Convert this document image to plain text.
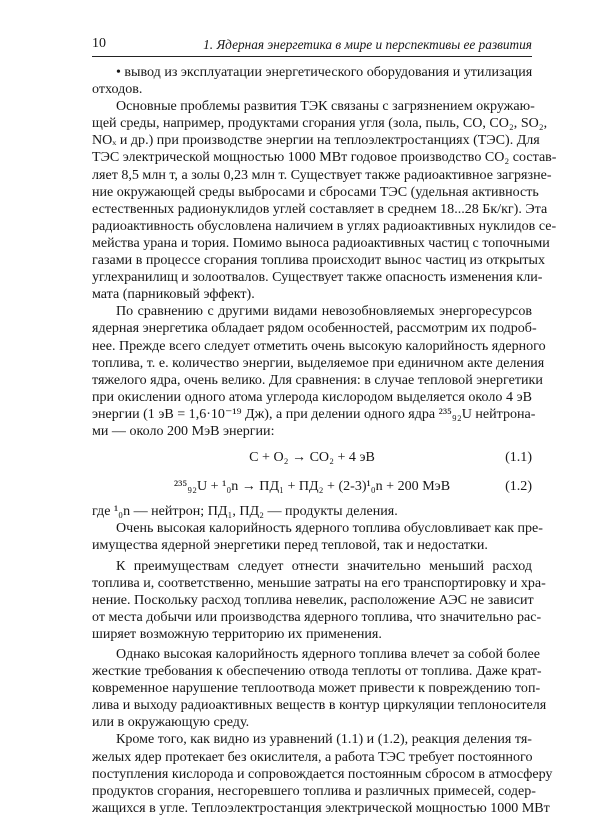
10	1. Ядерная энергетика в мире и перспективы ее развития
• вывод из эксплуатации энергетического оборудования и утилизация
отходов.
Основные проблемы развития ТЭК связаны с загрязнением окружаю-
щей среды, например, продуктами сгорания угля (зола, пыль, CO, CO₂, SO₂,
NOₓ и др.) при производстве энергии на теплоэлектростанциях (ТЭС). Для
ТЭС электрической мощностью 1000 МВт годовое производство CO₂ состав-
ляет 8,5 млн т, а золы 0,23 млн т. Существует также радиоактивное загрязне-
ние окружающей среды выбросами и сбросами ТЭС (удельная активность
естественных радионуклидов углей составляет в среднем 18...28 Бк/кг). Эта
радиоактивность обусловлена наличием в углях радиоактивных нуклидов се-
мейства урана и тория. Помимо выноса радиоактивных частиц с топочными
газами в процессе сгорания топлива происходит вынос частиц из открытых
углехранилищ и золоотвалов. Существует также опасность изменения кли-
мата (парниковый эффект).
По сравнению с другими видами невозобновляемых энергоресурсов
ядерная энергетика обладает рядом особенностей, рассмотрим их подроб-
нее. Прежде всего следует отметить очень высокую калорийность ядерного
топлива, т. е. количество энергии, выделяемое при единичном акте деления
тяжелого ядра, очень велико. Для сравнения: в случае тепловой энергетики
при окислении одного атома углерода кислородом выделяется около 4 эВ
энергии (1 эВ = 1,6·10⁻¹⁹ Дж), а при делении одного ядра ²³⁵₉₂U нейтрона-
ми — около 200 МэВ энергии:
C + O₂ → CO₂ + 4 эВ	(1.1)
²³⁵₉₂U + ¹₀n → ПД₁ + ПД₂ + (2-3)¹₀n + 200 МэВ	(1.2)
где ¹₀n — нейтрон; ПД₁, ПД₂ — продукты деления.
Очень высокая калорийность ядерного топлива обусловливает как пре-
имущества ядерной энергетики перед тепловой, так и недостатки.
К преимуществам следует отнести значительно меньший расход
топлива и, соответственно, меньшие затраты на его транспортировку и хра-
нение. Поскольку расход топлива невелик, расположение АЭС не зависит
от места добычи или производства ядерного топлива, что значительно рас-
ширяет возможную территорию их применения.
Однако высокая калорийность ядерного топлива влечет за собой более
жесткие требования к обеспечению отвода теплоты от топлива. Даже крат-
ковременное нарушение теплоотвода может привести к повреждению топ-
лива и выходу радиоактивных веществ в контур циркуляции теплоносителя
или в окружающую среду.
Кроме того, как видно из уравнений (1.1) и (1.2), реакция деления тя-
желых ядер протекает без окислителя, а работа ТЭС требует постоянного
поступления кислорода и сопровождается постоянным сбросом в атмосферу
продуктов сгорания, несгоревшего топлива и различных примесей, содер-
жащихся в угле. Теплоэлектростанция электрической мощностью 1000 МВт
